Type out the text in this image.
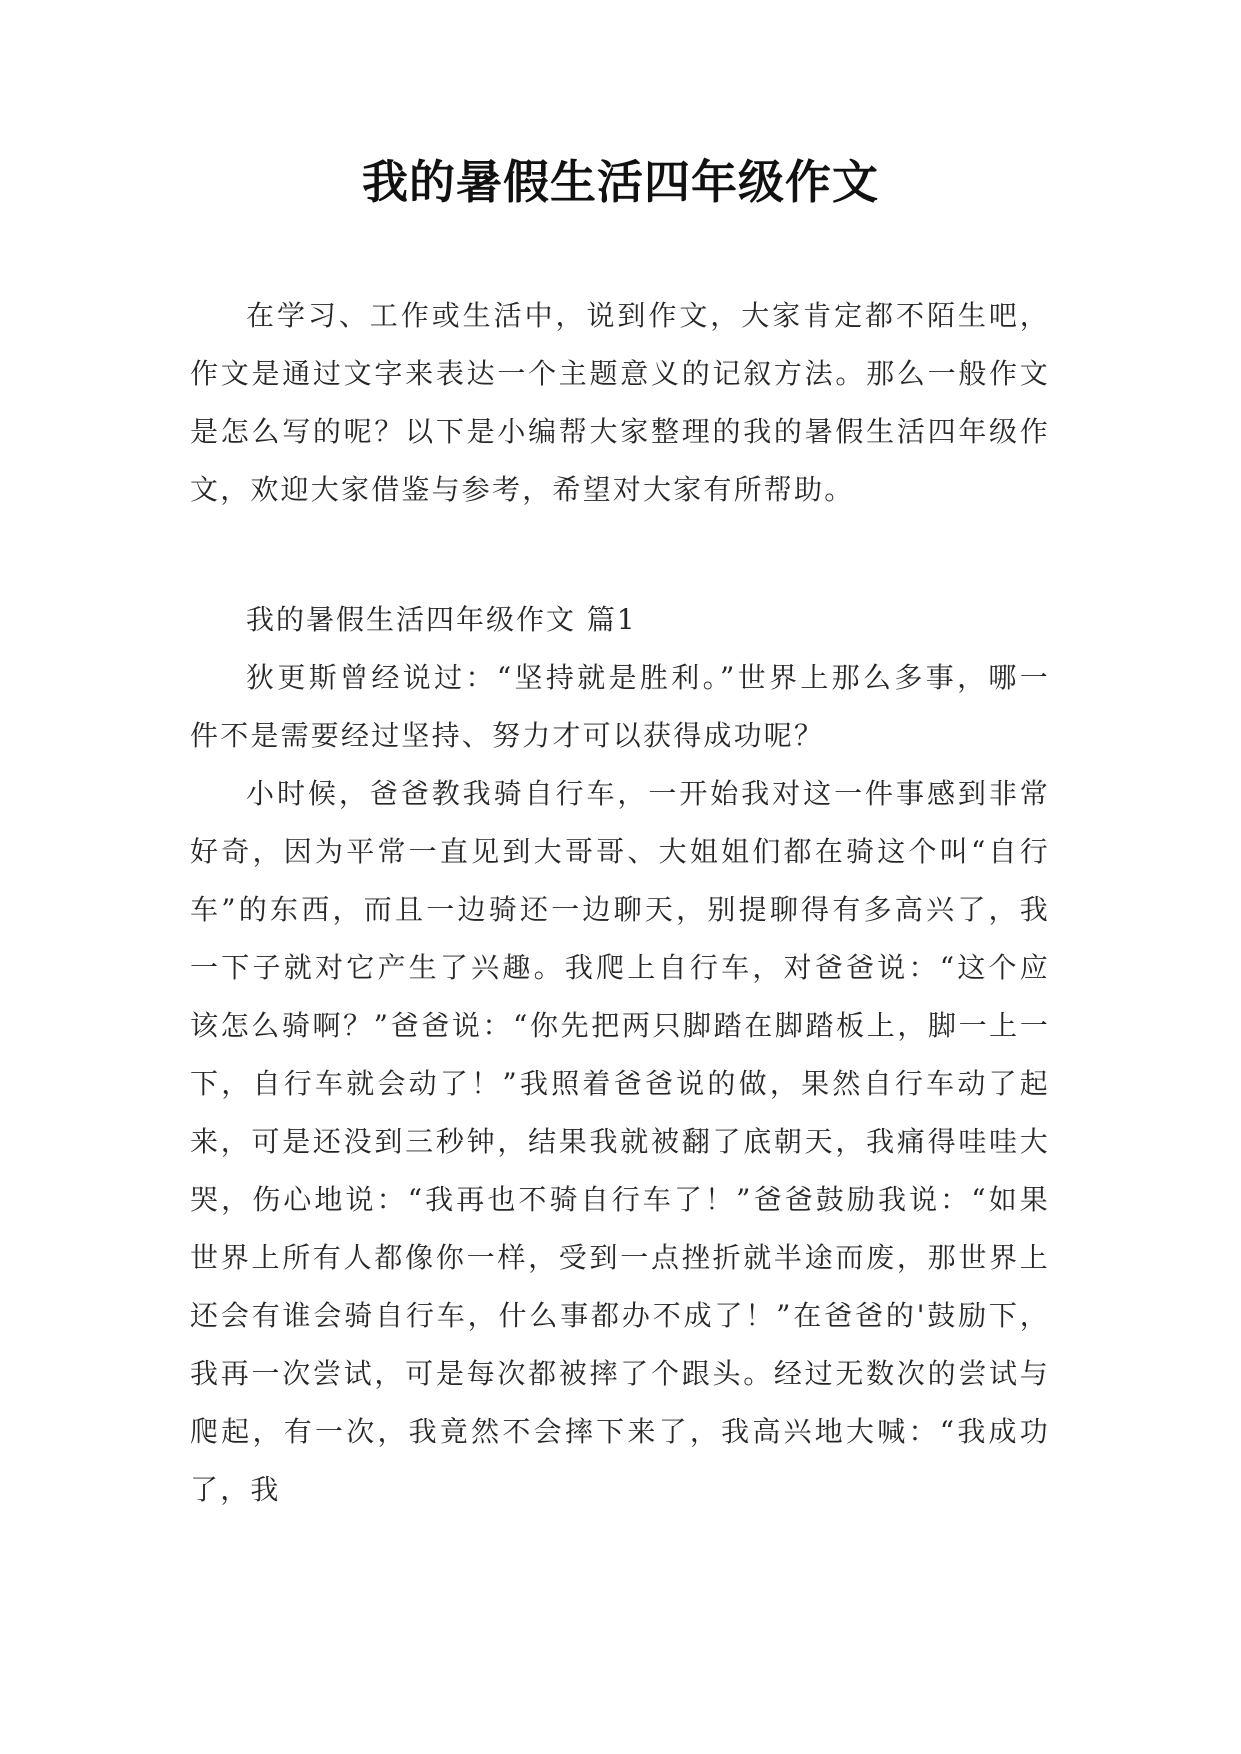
我的暑假生活四年级作文

在学习、工作或生活中，说到作文，大家肯定都不陌生吧，作文是通过文字来表达一个主题意义的记叙方法。那么一般作文是怎么写的呢？以下是小编帮大家整理的我的暑假生活四年级作文，欢迎大家借鉴与参考，希望对大家有所帮助。

我的暑假生活四年级作文 篇1

狄更斯曾经说过：“坚持就是胜利。”世界上那么多事，哪一件不是需要经过坚持、努力才可以获得成功呢？

小时候，爸爸教我骑自行车，一开始我对这一件事感到非常好奇，因为平常一直见到大哥哥、大姐姐们都在骑这个叫“自行车”的东西，而且一边骑还一边聊天，别提聊得有多高兴了，我一下子就对它产生了兴趣。我爬上自行车，对爸爸说：“这个应该怎么骑啊？”爸爸说：“你先把两只脚踏在脚踏板上，脚一上一下，自行车就会动了！”我照着爸爸说的做，果然自行车动了起来，可是还没到三秒钟，结果我就被翻了底朝天，我痛得哇哇大哭，伤心地说：“我再也不骑自行车了！”爸爸鼓励我说：“如果世界上所有人都像你一样，受到一点挫折就半途而废，那世界上还会有谁会骑自行车，什么事都办不成了！”在爸爸的'鼓励下，我再一次尝试，可是每次都被摔了个跟头。经过无数次的尝试与爬起，有一次，我竟然不会摔下来了，我高兴地大喊：“我成功了，我
